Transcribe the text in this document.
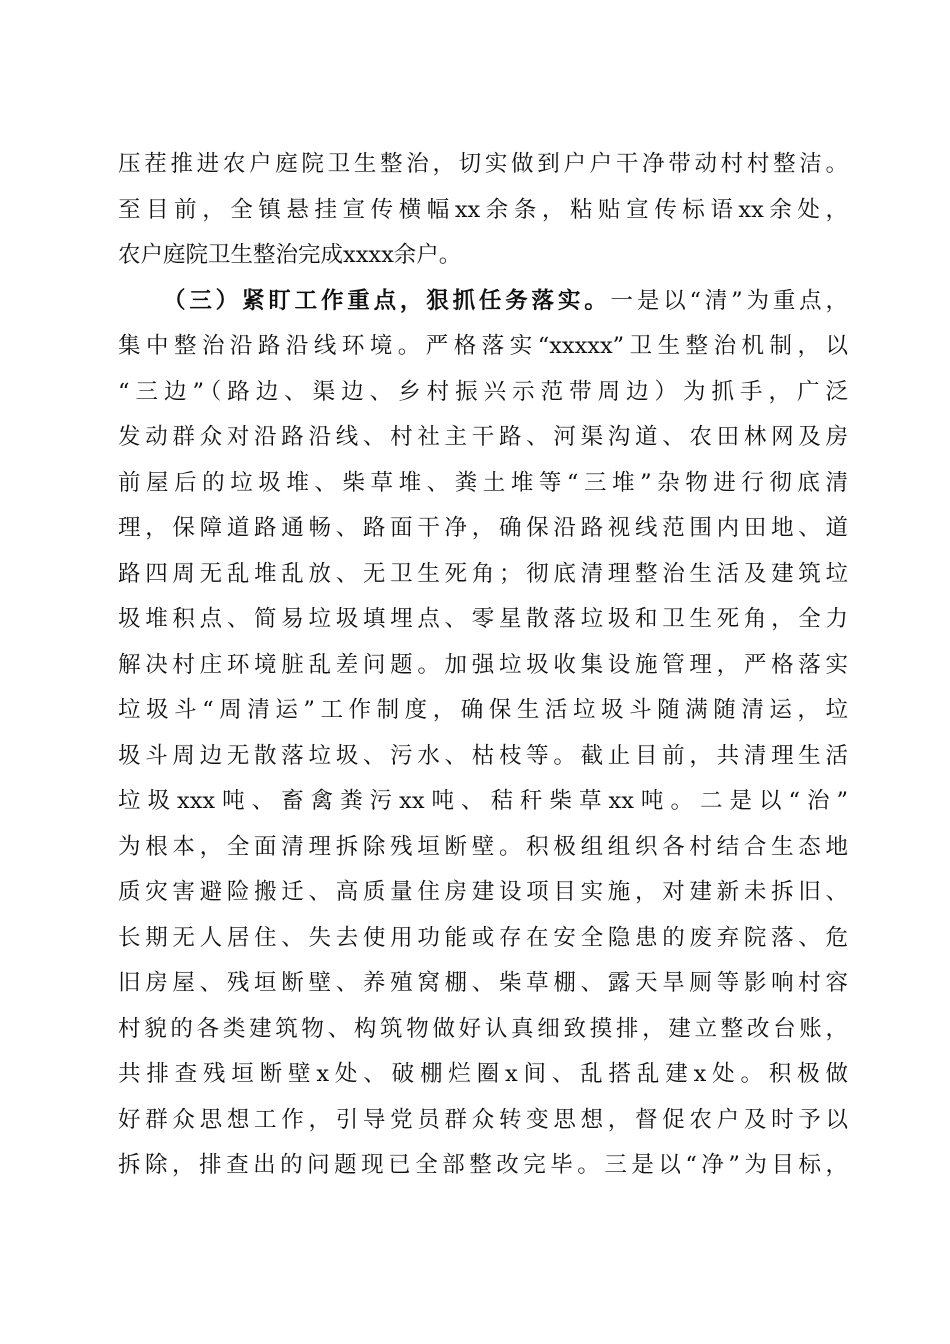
压茬推进农户庭院卫生整治，切实做到户户干净带动村村整洁。
至目前，全镇悬挂宣传横幅xx余条，粘贴宣传标语xx余处，
农户庭院卫生整治完成xxxx余户。
（三）紧盯工作重点，狠抓任务落实。一是以“清”为重点，
集中整治沿路沿线环境。严格落实“xxxxx”卫生整治机制，以
“三边”（路边、渠边、乡村振兴示范带周边）为抓手，广泛
发动群众对沿路沿线、村社主干路、河渠沟道、农田林网及房
前屋后的垃圾堆、柴草堆、粪土堆等“三堆”杂物进行彻底清
理，保障道路通畅、路面干净，确保沿路视线范围内田地、道
路四周无乱堆乱放、无卫生死角；彻底清理整治生活及建筑垃
圾堆积点、简易垃圾填埋点、零星散落垃圾和卫生死角，全力
解决村庄环境脏乱差问题。加强垃圾收集设施管理，严格落实
垃圾斗“周清运”工作制度，确保生活垃圾斗随满随清运，垃
圾斗周边无散落垃圾、污水、枯枝等。截止目前，共清理生活
垃圾xxx吨、畜禽粪污xx吨、秸秆柴草xx吨。二是以“治”
为根本，全面清理拆除残垣断壁。积极组组织各村结合生态地
质灾害避险搬迁、高质量住房建设项目实施，对建新未拆旧、
长期无人居住、失去使用功能或存在安全隐患的废弃院落、危
旧房屋、残垣断壁、养殖窝棚、柴草棚、露天旱厕等影响村容
村貌的各类建筑物、构筑物做好认真细致摸排，建立整改台账，
共排查残垣断壁x处、破棚烂圈x间、乱搭乱建x处。积极做
好群众思想工作，引导党员群众转变思想，督促农户及时予以
拆除，排查出的问题现已全部整改完毕。三是以“净”为目标，
